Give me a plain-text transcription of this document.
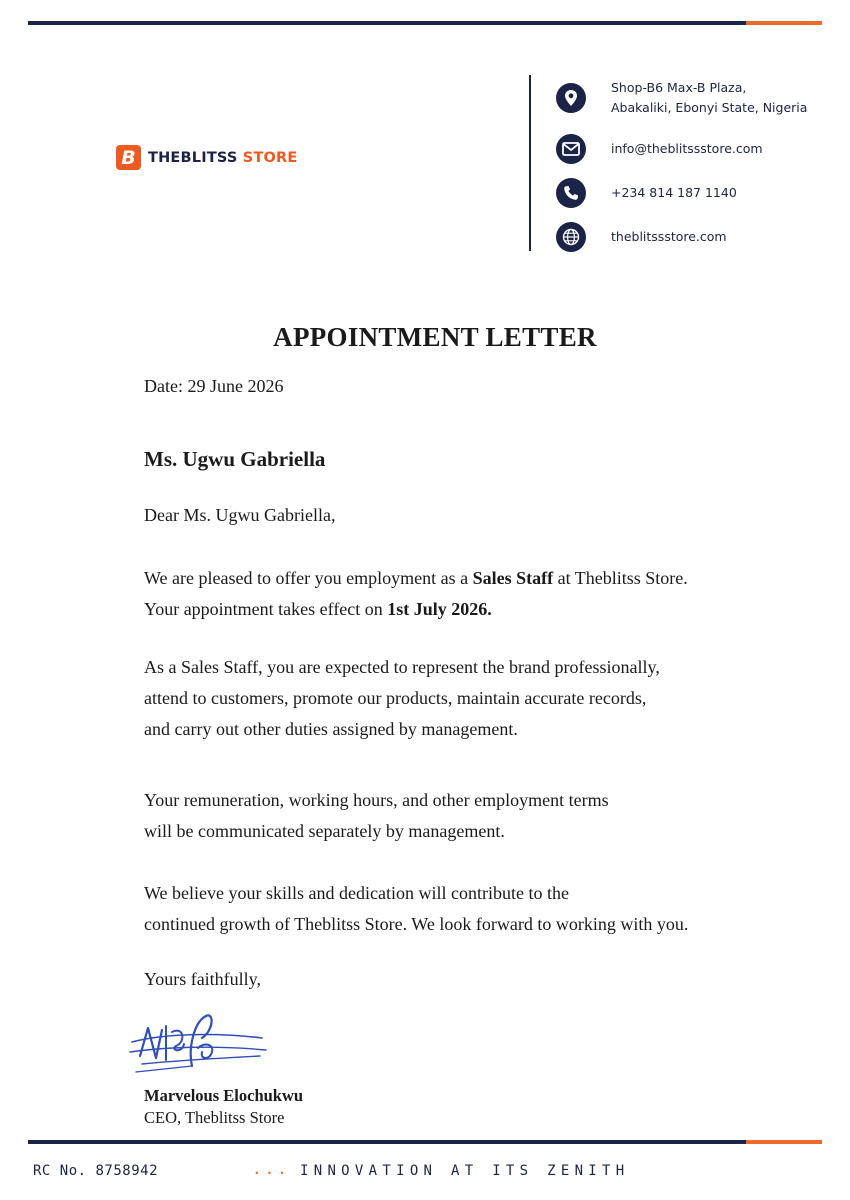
B THEBLITSS STORE
Shop-B6 Max-B Plaza,
Abakaliki, Ebonyi State, Nigeria
info@theblitssstore.com
+234 814 187 1140
theblitssstore.com
APPOINTMENT LETTER
Date: 29 June 2026
Ms. Ugwu Gabriella
Dear Ms. Ugwu Gabriella,
We are pleased to offer you employment as a Sales Staff at Theblitss Store.
Your appointment takes effect on 1st July 2026.
As a Sales Staff, you are expected to represent the brand professionally,
attend to customers, promote our products, maintain accurate records,
and carry out other duties assigned by management.
Your remuneration, working hours, and other employment terms
will be communicated separately by management.
We believe your skills and dedication will contribute to the
continued growth of Theblitss Store. We look forward to working with you.
Yours faithfully,
Marvelous Elochukwu
CEO, Theblitss Store
RC No. 8758942	... INNOVATION AT ITS ZENITH
